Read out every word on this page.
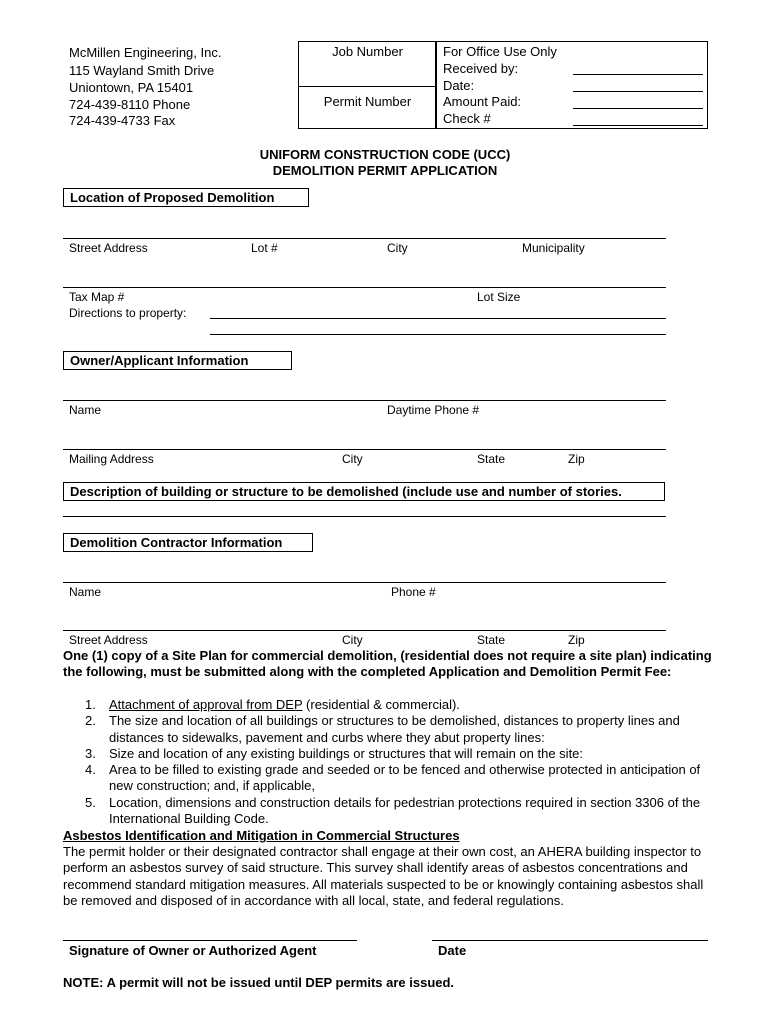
McMillen Engineering, Inc.
115 Wayland Smith Drive
Uniontown, PA 15401
724-439-8110 Phone
724-439-4733 Fax
Job Number
Permit Number
For Office Use Only
Received by:
Date:
Amount Paid:
Check #
UNIFORM CONSTRUCTION CODE (UCC)
DEMOLITION PERMIT APPLICATION
Location of Proposed Demolition
Street Address	Lot #	City	Municipality
Tax Map #	Lot Size
Directions to property:
Owner/Applicant Information
Name	Daytime Phone #
Mailing Address	City	State	Zip
Description of building or structure to be demolished (include use and number of stories.
Demolition Contractor Information
Name	Phone #
Street Address	City	State	Zip
One (1) copy of a Site Plan for commercial demolition, (residential does not require a site plan) indicating the following, must be submitted along with the completed Application and Demolition Permit Fee:
1. Attachment of approval from DEP (residential & commercial).
2. The size and location of all buildings or structures to be demolished, distances to property lines and distances to sidewalks, pavement and curbs where they abut property lines:
3. Size and location of any existing buildings or structures that will remain on the site:
4. Area to be filled to existing grade and seeded or to be fenced and otherwise protected in anticipation of new construction; and, if applicable,
5. Location, dimensions and construction details for pedestrian protections required in section 3306 of the International Building Code.
Asbestos Identification and Mitigation in Commercial Structures
The permit holder or their designated contractor shall engage at their own cost, an AHERA building inspector to perform an asbestos survey of said structure. This survey shall identify areas of asbestos concentrations and recommend standard mitigation measures. All materials suspected to be or knowingly containing asbestos shall be removed and disposed of in accordance with all local, state, and federal regulations.
Signature of Owner or Authorized Agent	Date
NOTE: A permit will not be issued until DEP permits are issued.
